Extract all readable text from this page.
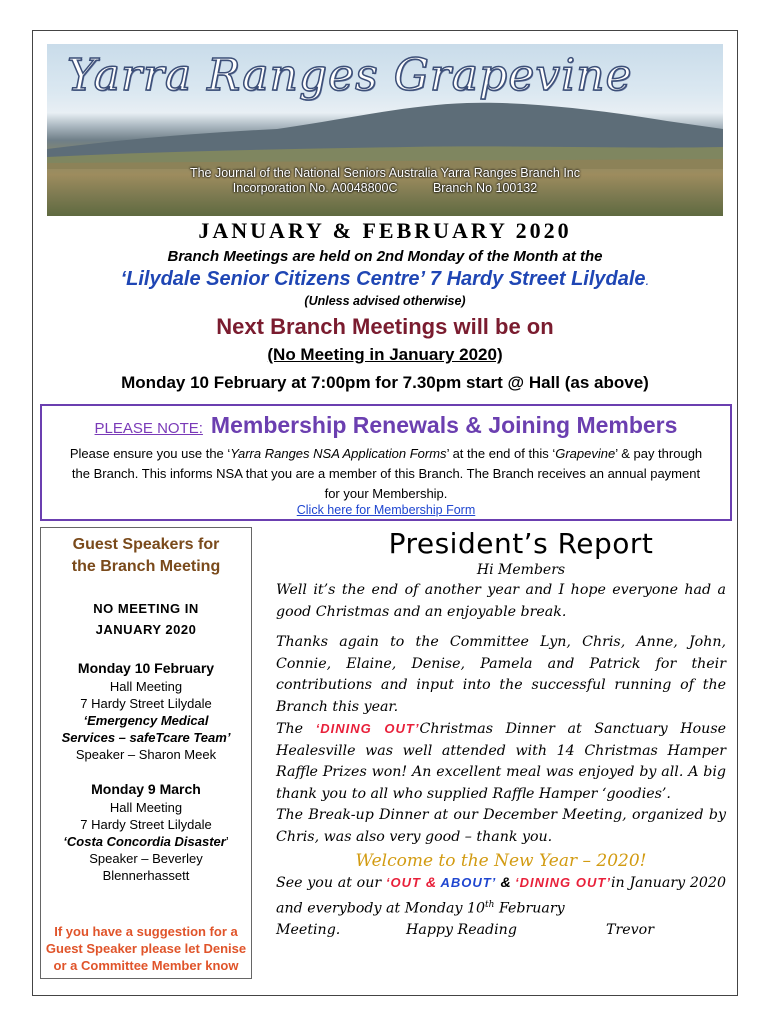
Yarra Ranges Grapevine
The Journal of the National Seniors Australia Yarra Ranges Branch Inc
Incorporation No. A0048800C	Branch No 100132
JANUARY & FEBRUARY 2020
Branch Meetings are held on 2nd Monday of the Month at the
‘Lilydale Senior Citizens Centre’ 7 Hardy Street Lilydale.
(Unless advised otherwise)
Next Branch Meetings will be on
(No Meeting in January 2020)
Monday 10 February at 7:00pm for 7.30pm start @ Hall (as above)
PLEASE NOTE: Membership Renewals & Joining Members
Please ensure you use the ‘Yarra Ranges NSA Application Forms’ at the end of this ‘Grapevine’ & pay through the Branch. This informs NSA that you are a member of this Branch. The Branch receives an annual payment for your Membership.
Click here for Membership Form
Guest Speakers for
the Branch Meeting
NO MEETING IN
JANUARY 2020
Monday 10 February
Hall Meeting
7 Hardy Street Lilydale
‘Emergency Medical
Services – safeTcare Team’
Speaker – Sharon Meek
Monday 9 March
Hall Meeting
7 Hardy Street Lilydale
‘Costa Concordia Disaster’
Speaker – Beverley
Blennerhassett
If you have a suggestion for a Guest Speaker please let Denise or a Committee Member know
President’s Report
Hi Members
Well it’s the end of another year and I hope everyone had a good Christmas and an enjoyable break.
Thanks again to the Committee Lyn, Chris, Anne, John, Connie, Elaine, Denise, Pamela and Patrick for their contributions and input into the successful running of the Branch this year.
The ‘DINING OUT’Christmas Dinner at Sanctuary House Healesville was well attended with 14 Christmas Hamper Raffle Prizes won! An excellent meal was enjoyed by all. A big thank you to all who supplied Raffle Hamper ‘goodies’.
The Break-up Dinner at our December Meeting, organized by Chris, was also very good – thank you.
Welcome to the New Year – 2020!
See you at our ‘OUT & ABOUT’ & ‘DINING OUT’in January 2020 and everybody at Monday 10th February
Meeting.	Happy Reading	Trevor
